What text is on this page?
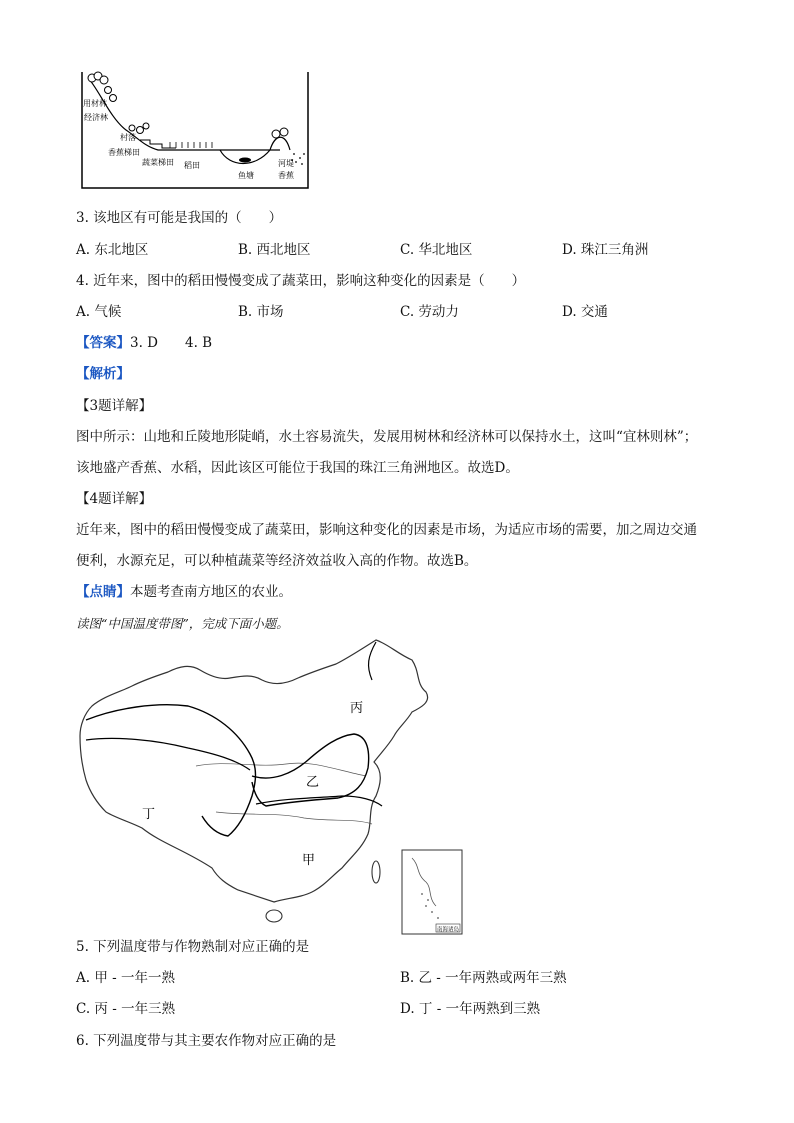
用材林
经济林
村落
香蕉梯田
蔬菜梯田 稻田
鱼塘
河堤
香蕉
3. 该地区有可能是我国的（　　）
A. 东北地区	B. 西北地区	C. 华北地区	D. 珠江三角洲
4. 近年来，图中的稻田慢慢变成了蔬菜田，影响这种变化的因素是（　　）
A. 气候	B. 市场	C. 劳动力	D. 交通
【答案】3. D　　4. B
【解析】
【3题详解】
图中所示：山地和丘陵地形陡峭，水土容易流失，发展用树林和经济林可以保持水土，这叫“宜林则林”；
该地盛产香蕉、水稻，因此该区可能位于我国的珠江三角洲地区。故选D。
【4题详解】
近年来，图中的稻田慢慢变成了蔬菜田，影响这种变化的因素是市场，为适应市场的需要，加之周边交通
便利，水源充足，可以种植蔬菜等经济效益收入高的作物。故选B。
【点睛】本题考查南方地区的农业。
读图“中国温度带图”，完成下面小题。
丙
乙
丁
甲
南海诸岛
5. 下列温度带与作物熟制对应正确的是
A. 甲 - 一年一熟	B. 乙 - 一年两熟或两年三熟
C. 丙 - 一年三熟	D. 丁 - 一年两熟到三熟
6. 下列温度带与其主要农作物对应正确的是
